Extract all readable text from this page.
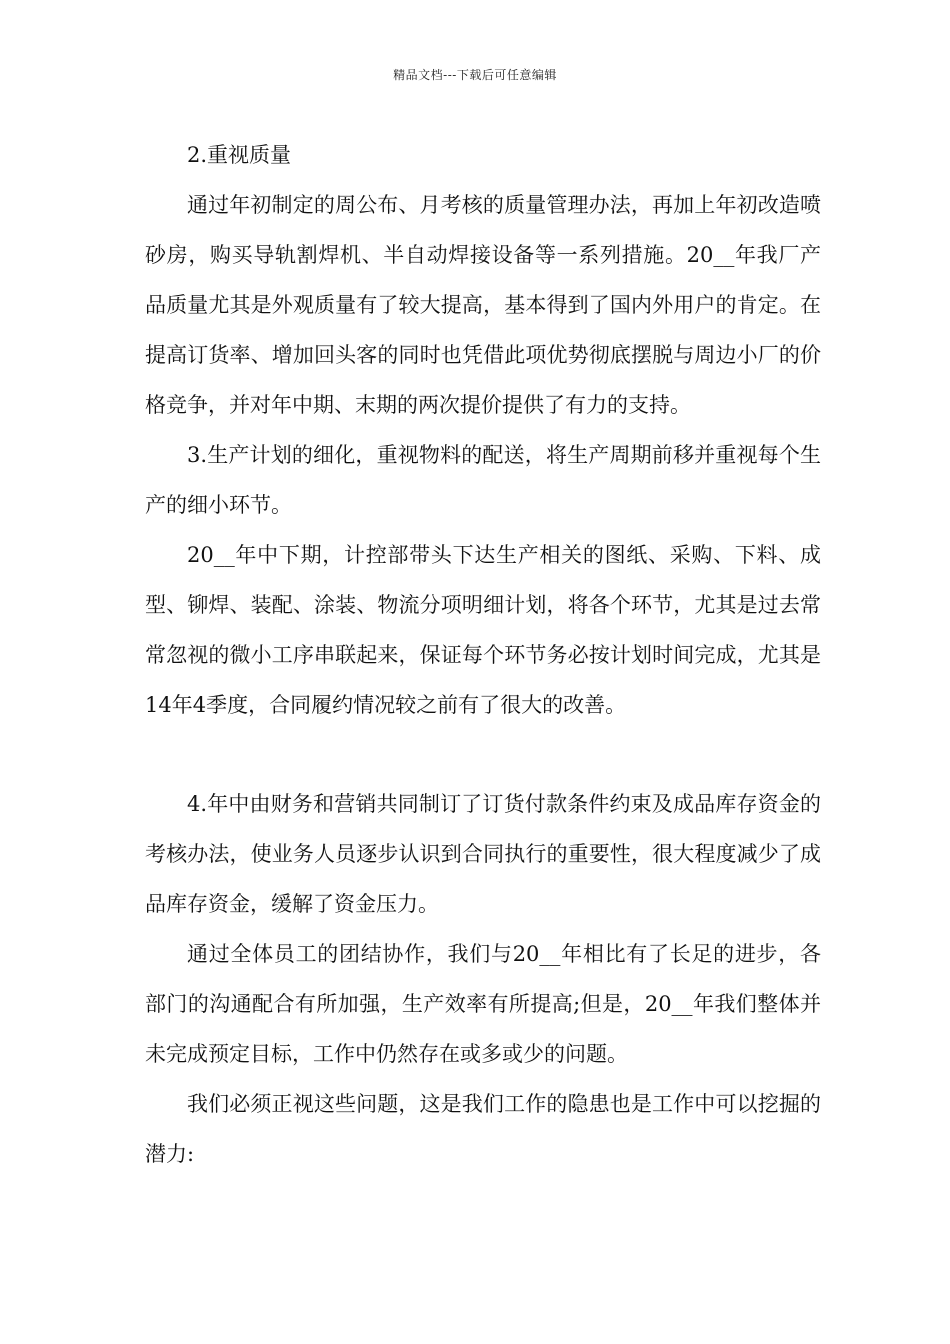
精品文档---下载后可任意编辑

2.重视质量

通过年初制定的周公布、月考核的质量管理办法，再加上年初改造喷砂房，购买导轨割焊机、半自动焊接设备等一系列措施。20__年我厂产品质量尤其是外观质量有了较大提高，基本得到了国内外用户的肯定。在提高订货率、增加回头客的同时也凭借此项优势彻底摆脱与周边小厂的价格竞争，并对年中期、末期的两次提价提供了有力的支持。

3.生产计划的细化，重视物料的配送，将生产周期前移并重视每个生产的细小环节。

20__年中下期，计控部带头下达生产相关的图纸、采购、下料、成型、铆焊、装配、涂装、物流分项明细计划，将各个环节，尤其是过去常常忽视的微小工序串联起来，保证每个环节务必按计划时间完成，尤其是14年4季度，合同履约情况较之前有了很大的改善。

4.年中由财务和营销共同制订了订货付款条件约束及成品库存资金的考核办法，使业务人员逐步认识到合同执行的重要性，很大程度减少了成品库存资金，缓解了资金压力。

通过全体员工的团结协作，我们与20__年相比有了长足的进步，各部门的沟通配合有所加强，生产效率有所提高;但是，20__年我们整体并未完成预定目标，工作中仍然存在或多或少的问题。

我们必须正视这些问题，这是我们工作的隐患也是工作中可以挖掘的潜力:
